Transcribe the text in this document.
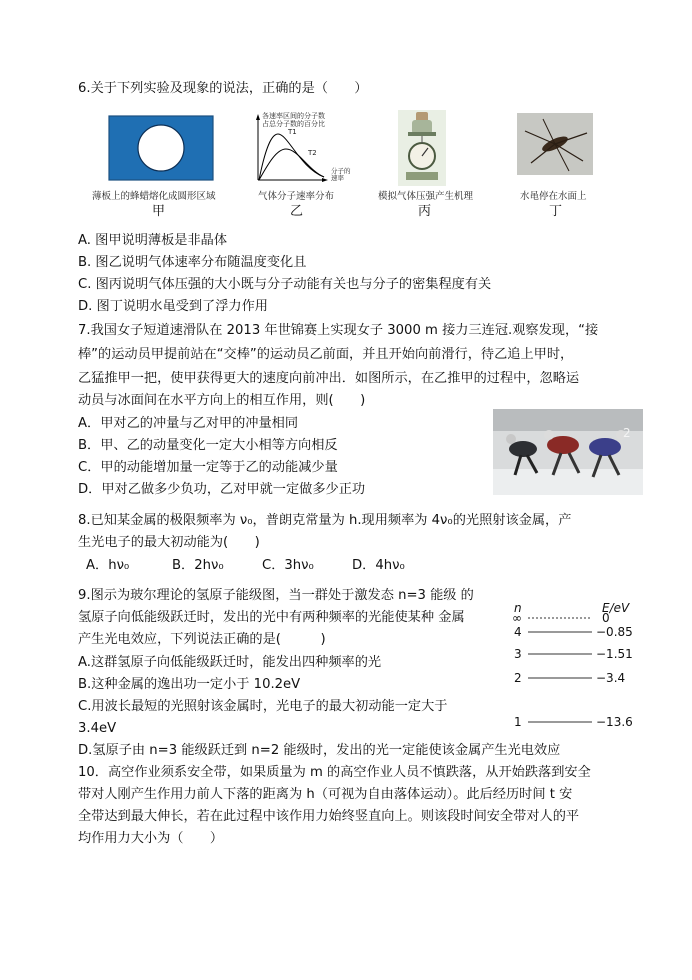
6.关于下列实验及现象的说法，正确的是（　　）
薄板上的蜂蜡熔化成圆形区域
甲
各速率区间的分子数
占总分子数的百分比
T1
T2
分子的
速率
气体分子速率分布
乙
模拟气体压强产生机理
丙
水黾停在水面上
丁
A. 图甲说明薄板是非晶体
B. 图乙说明气体速率分布随温度变化且
C. 图丙说明气体压强的大小既与分子动能有关也与分子的密集程度有关
D. 图丁说明水黾受到了浮力作用
7.我国女子短道速滑队在 2013 年世锦赛上实现女子 3000 m 接力三连冠.观察发现，“接
棒”的运动员甲提前站在“交棒”的运动员乙前面，并且开始向前滑行，待乙追上甲时，
乙猛推甲一把，使甲获得更大的速度向前冲出．如图所示，在乙推甲的过程中，忽略运
动员与冰面间在水平方向上的相互作用，则(　　)
A．甲对乙的冲量与乙对甲的冲量相同
B．甲、乙的动量变化一定大小相等方向相反
C．甲的动能增加量一定等于乙的动能减少量
D．甲对乙做多少负功，乙对甲就一定做多少正功
2
8.已知某金属的极限频率为 ν₀，普朗克常量为 h.现用频率为 4ν₀的光照射该金属，产
生光电子的最大初动能为(　　)
A．hν₀	B．2hν₀	C．3hν₀	D．4hν₀
9.图示为玻尔理论的氢原子能级图，当一群处于激发态 n=3 能级 的
氢原子向低能级跃迁时，发出的光中有两种频率的光能使某种 金属
产生光电效应，下列说法正确的是(　　　)
A.这群氢原子向低能级跃迁时，能发出四种频率的光
B.这种金属的逸出功一定小于 10.2eV
C.用波长最短的光照射该金属时，光电子的最大初动能一定大于
3.4eV
D.氢原子由 n=3 能级跃迁到 n=2 能级时，发出的光一定能使该金属产生光电效应
n	E/eV
∞	0
4	−0.85
3	−1.51
2	−3.4
1	−13.6
10．高空作业须系安全带，如果质量为 m 的高空作业人员不慎跌落，从开始跌落到安全
带对人刚产生作用力前人下落的距离为 h（可视为自由落体运动）。此后经历时间 t 安
全带达到最大伸长，若在此过程中该作用力始终竖直向上。则该段时间安全带对人的平
均作用力大小为（　　）
